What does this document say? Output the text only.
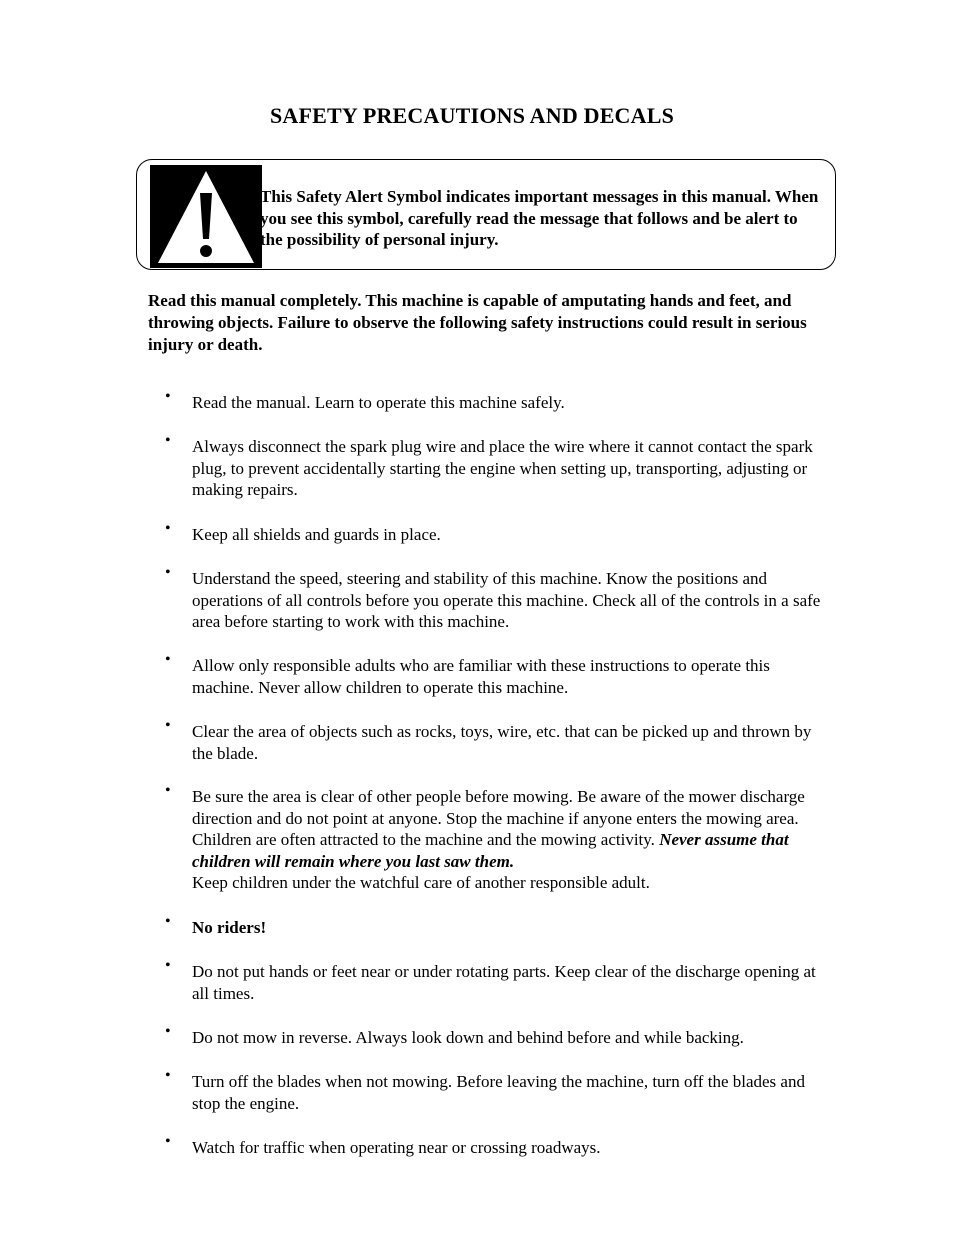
SAFETY PRECAUTIONS AND DECALS
This Safety Alert Symbol indicates important messages in this manual. When you see this symbol, carefully read the message that follows and be alert to the possibility of personal injury.
Read this manual completely. This machine is capable of amputating hands and feet, and throwing objects. Failure to observe the following safety instructions could result in serious injury or death.
• Read the manual. Learn to operate this machine safely.
• Always disconnect the spark plug wire and place the wire where it cannot contact the spark plug, to prevent accidentally starting the engine when setting up, transporting, adjusting or making repairs.
• Keep all shields and guards in place.
• Understand the speed, steering and stability of this machine. Know the positions and operations of all controls before you operate this machine. Check all of the controls in a safe area before starting to work with this machine.
• Allow only responsible adults who are familiar with these instructions to operate this machine. Never allow children to operate this machine.
• Clear the area of objects such as rocks, toys, wire, etc. that can be picked up and thrown by the blade.
• Be sure the area is clear of other people before mowing. Be aware of the mower discharge direction and do not point at anyone. Stop the machine if anyone enters the mowing area. Children are often attracted to the machine and the mowing activity. Never assume that children will remain where you last saw them.
Keep children under the watchful care of another responsible adult.
• No riders!
• Do not put hands or feet near or under rotating parts. Keep clear of the discharge opening at all times.
• Do not mow in reverse. Always look down and behind before and while backing.
• Turn off the blades when not mowing. Before leaving the machine, turn off the blades and stop the engine.
• Watch for traffic when operating near or crossing roadways.
